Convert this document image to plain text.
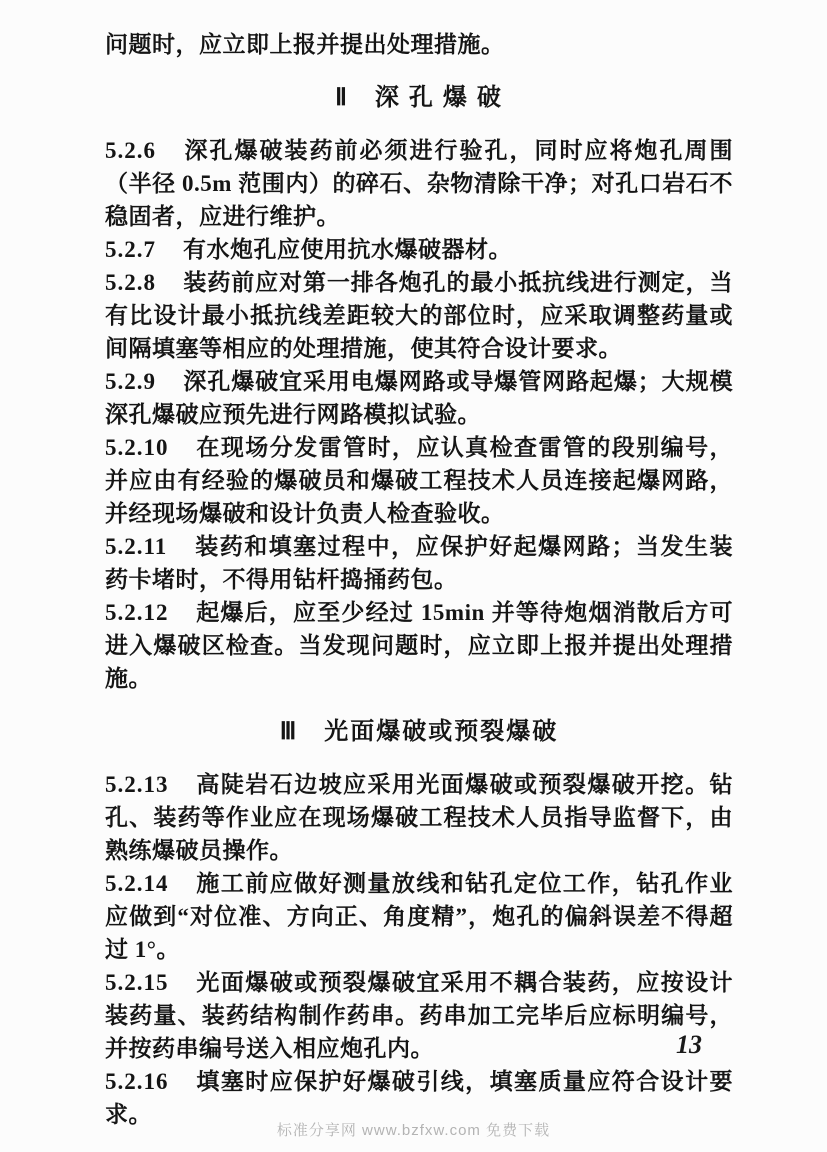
问题时，应立即上报并提出处理措施。

Ⅱ 深 孔 爆 破

5.2.6 深孔爆破装药前必须进行验孔，同时应将炮孔周围（半径 0.5m 范围内）的碎石、杂物清除干净；对孔口岩石不稳固者，应进行维护。

5.2.7 有水炮孔应使用抗水爆破器材。

5.2.8 装药前应对第一排各炮孔的最小抵抗线进行测定，当有比设计最小抵抗线差距较大的部位时，应采取调整药量或间隔填塞等相应的处理措施，使其符合设计要求。

5.2.9 深孔爆破宜采用电爆网路或导爆管网路起爆；大规模深孔爆破应预先进行网路模拟试验。

5.2.10 在现场分发雷管时，应认真检查雷管的段别编号，并应由有经验的爆破员和爆破工程技术人员连接起爆网路，并经现场爆破和设计负责人检查验收。

5.2.11 装药和填塞过程中，应保护好起爆网路；当发生装药卡堵时，不得用钻杆捣捅药包。

5.2.12 起爆后，应至少经过 15min 并等待炮烟消散后方可进入爆破区检查。当发现问题时，应立即上报并提出处理措施。

Ⅲ 光面爆破或预裂爆破

5.2.13 高陡岩石边坡应采用光面爆破或预裂爆破开挖。钻孔、装药等作业应在现场爆破工程技术人员指导监督下，由熟练爆破员操作。

5.2.14 施工前应做好测量放线和钻孔定位工作，钻孔作业应做到“对位准、方向正、角度精”，炮孔的偏斜误差不得超过 1°。

5.2.15 光面爆破或预裂爆破宜采用不耦合装药，应按设计装药量、装药结构制作药串。药串加工完毕后应标明编号，并按药串编号送入相应炮孔内。

5.2.16 填塞时应保护好爆破引线，填塞质量应符合设计要求。

13
标准分享网 www.bzfxw.com 免费下载
